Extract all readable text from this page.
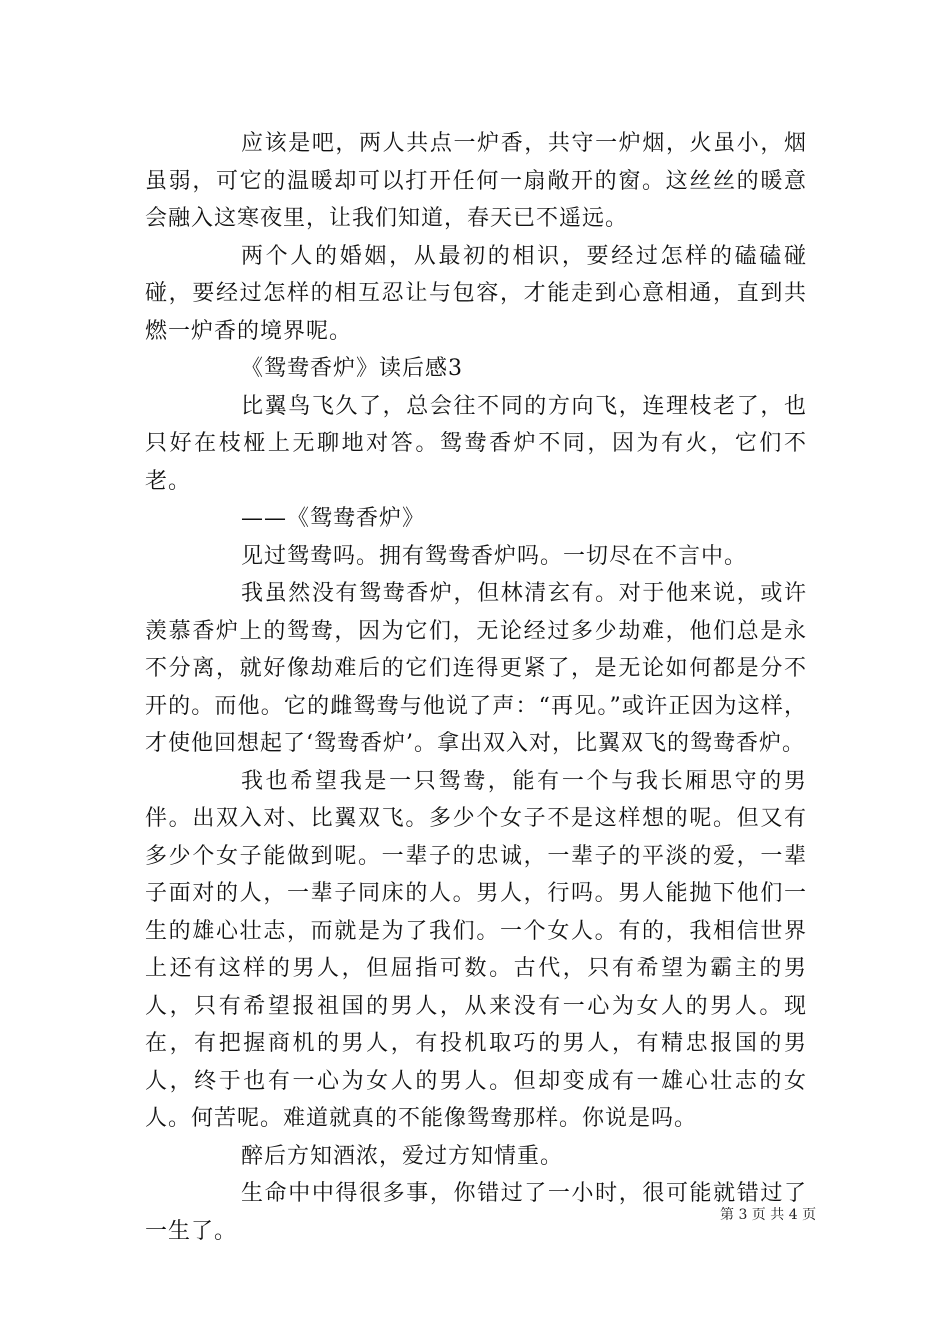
应该是吧，两人共点一炉香，共守一炉烟，火虽小，烟虽弱，可它的温暖却可以打开任何一扇敞开的窗。这丝丝的暖意会融入这寒夜里，让我们知道，春天已不遥远。

两个人的婚姻，从最初的相识，要经过怎样的磕磕碰碰，要经过怎样的相互忍让与包容，才能走到心意相通，直到共燃一炉香的境界呢。

《鸳鸯香炉》读后感3

比翼鸟飞久了，总会往不同的方向飞，连理枝老了，也只好在枝桠上无聊地对答。鸳鸯香炉不同，因为有火，它们不老。

——《鸳鸯香炉》

见过鸳鸯吗。拥有鸳鸯香炉吗。一切尽在不言中。

我虽然没有鸳鸯香炉，但林清玄有。对于他来说，或许羡慕香炉上的鸳鸯，因为它们，无论经过多少劫难，他们总是永不分离，就好像劫难后的它们连得更紧了，是无论如何都是分不开的。而他。它的雌鸳鸯与他说了声：“再见。”或许正因为这样，才使他回想起了‘鸳鸯香炉’。拿出双入对，比翼双飞的鸳鸯香炉。

我也希望我是一只鸳鸯，能有一个与我长厢思守的男伴。出双入对、比翼双飞。多少个女子不是这样想的呢。但又有多少个女子能做到呢。一辈子的忠诚，一辈子的平淡的爱，一辈子面对的人，一辈子同床的人。男人，行吗。男人能抛下他们一生的雄心壮志，而就是为了我们。一个女人。有的，我相信世界上还有这样的男人，但屈指可数。古代，只有希望为霸主的男人，只有希望报祖国的男人，从来没有一心为女人的男人。现在，有把握商机的男人，有投机取巧的男人，有精忠报国的男人，终于也有一心为女人的男人。但却变成有一雄心壮志的女人。何苦呢。难道就真的不能像鸳鸯那样。你说是吗。

醉后方知酒浓，爱过方知情重。

生命中中得很多事，你错过了一小时，很可能就错过了一生了。

第 3 页 共 4 页
